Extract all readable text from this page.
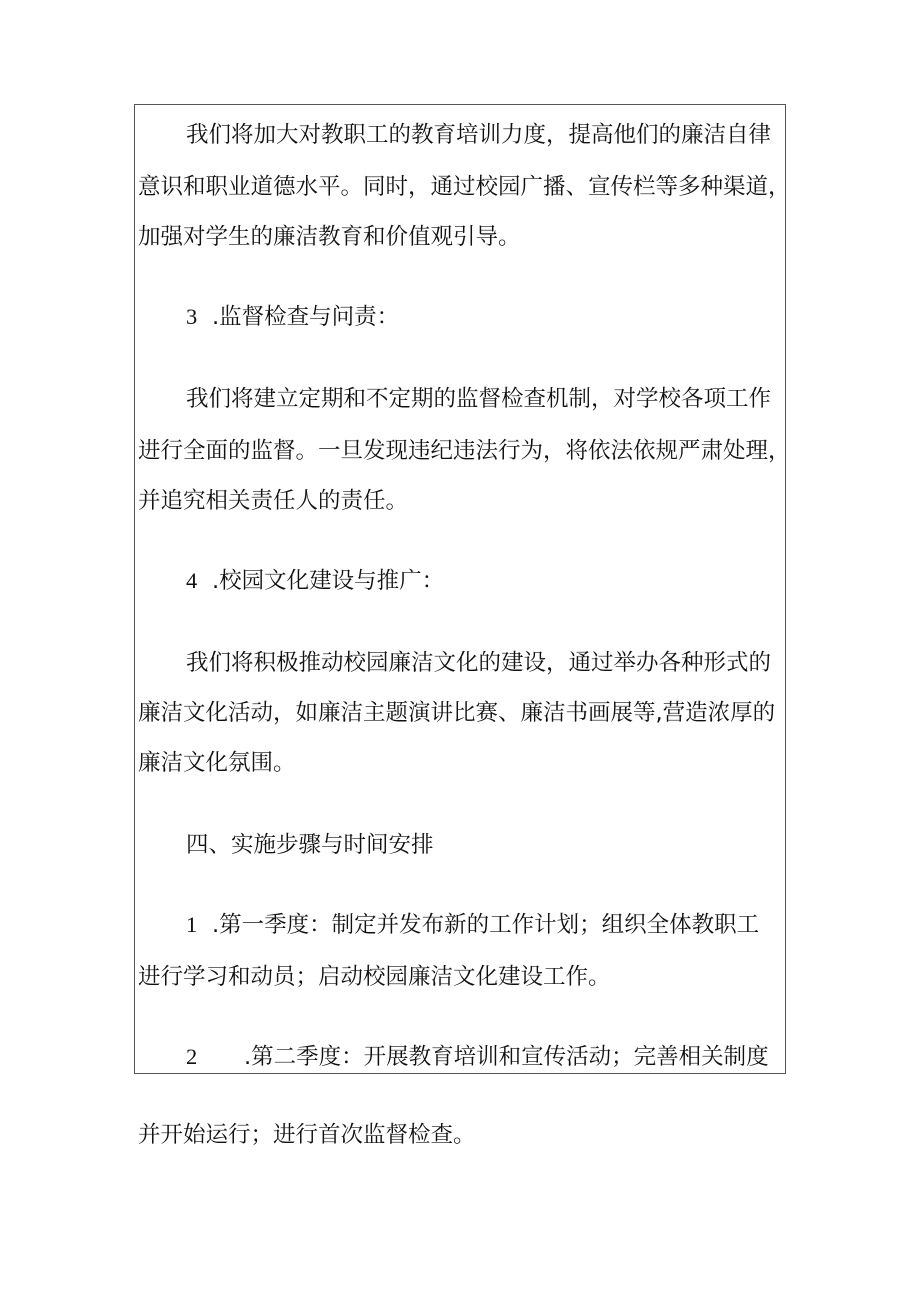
我们将加大对教职工的教育培训力度，提高他们的廉洁自律

意识和职业道德水平。同时，通过校园广播、宣传栏等多种渠道，

加强对学生的廉洁教育和价值观引导。

3 .监督检查与问责：

我们将建立定期和不定期的监督检查机制，对学校各项工作

进行全面的监督。一旦发现违纪违法行为，将依法依规严肃处理，

并追究相关责任人的责任。

4 .校园文化建设与推广：

我们将积极推动校园廉洁文化的建设，通过举办各种形式的

廉洁文化活动，如廉洁主题演讲比赛、廉洁书画展等,营造浓厚的

廉洁文化氛围。

四、实施步骤与时间安排

1 .第一季度：制定并发布新的工作计划；组织全体教职工

进行学习和动员；启动校园廉洁文化建设工作。

2 .第二季度：开展教育培训和宣传活动；完善相关制度

并开始运行；进行首次监督检查。
